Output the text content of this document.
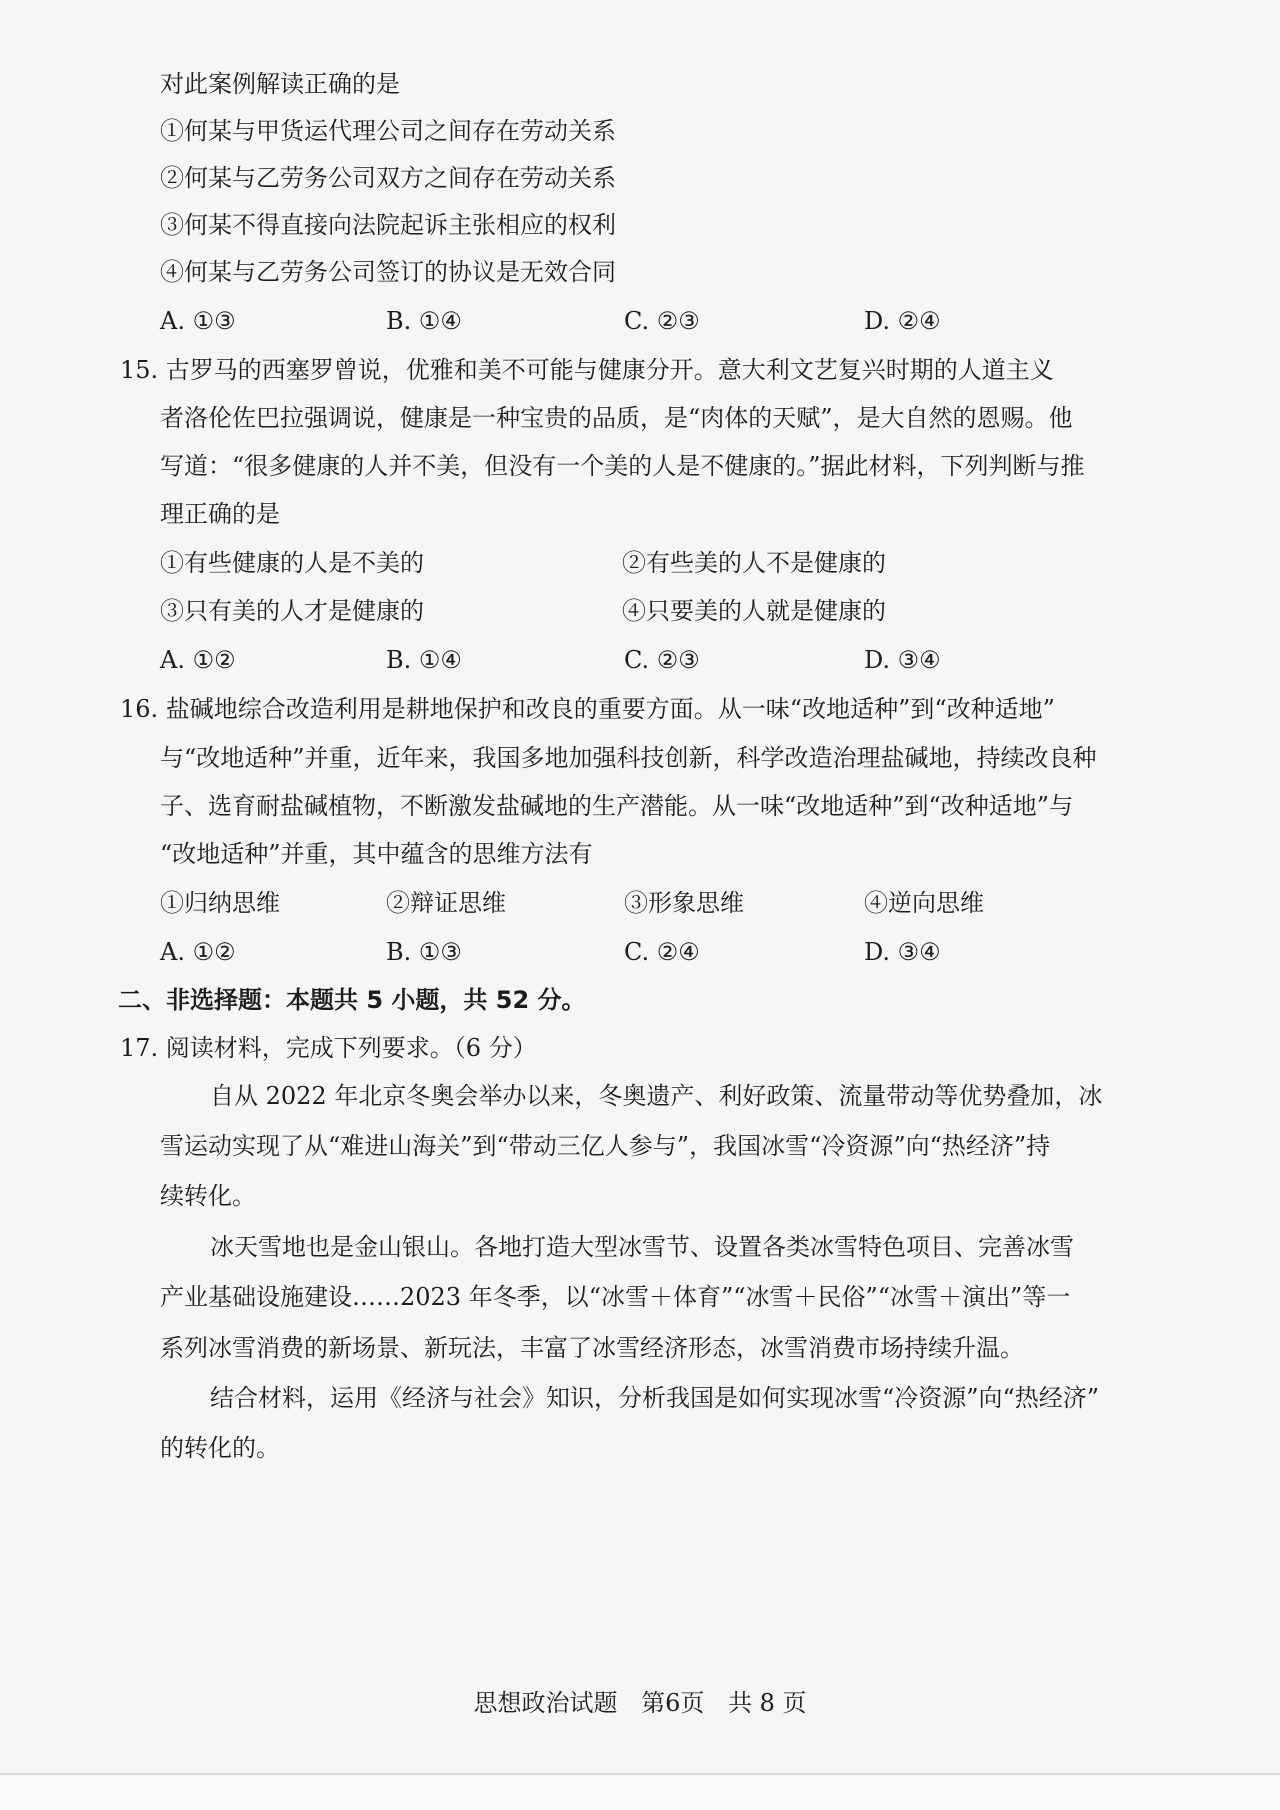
对此案例解读正确的是
①何某与甲货运代理公司之间存在劳动关系
②何某与乙劳务公司双方之间存在劳动关系
③何某不得直接向法院起诉主张相应的权利
④何某与乙劳务公司签订的协议是无效合同
A. ①③	B. ①④	C. ②③	D. ②④
15. 古罗马的西塞罗曾说，优雅和美不可能与健康分开。意大利文艺复兴时期的人道主义
者洛伦佐巴拉强调说，健康是一种宝贵的品质，是“肉体的天赋”，是大自然的恩赐。他
写道：“很多健康的人并不美，但没有一个美的人是不健康的。”据此材料，下列判断与推
理正确的是
①有些健康的人是不美的	②有些美的人不是健康的
③只有美的人才是健康的	④只要美的人就是健康的
A. ①②	B. ①④	C. ②③	D. ③④
16. 盐碱地综合改造利用是耕地保护和改良的重要方面。从一味“改地适种”到“改种适地”
与“改地适种”并重，近年来，我国多地加强科技创新，科学改造治理盐碱地，持续改良种
子、选育耐盐碱植物，不断激发盐碱地的生产潜能。从一味“改地适种”到“改种适地”与
“改地适种”并重，其中蕴含的思维方法有
①归纳思维	②辩证思维	③形象思维	④逆向思维
A. ①②	B. ①③	C. ②④	D. ③④
二、非选择题：本题共 5 小题，共 52 分。
17. 阅读材料，完成下列要求。（6 分）
自从 2022 年北京冬奥会举办以来，冬奥遗产、利好政策、流量带动等优势叠加，冰
雪运动实现了从“难进山海关”到“带动三亿人参与”，我国冰雪“冷资源”向“热经济”持
续转化。
冰天雪地也是金山银山。各地打造大型冰雪节、设置各类冰雪特色项目、完善冰雪
产业基础设施建设……2023 年冬季，以“冰雪＋体育”“冰雪＋民俗”“冰雪＋演出”等一
系列冰雪消费的新场景、新玩法，丰富了冰雪经济形态，冰雪消费市场持续升温。
结合材料，运用《经济与社会》知识，分析我国是如何实现冰雪“冷资源”向“热经济”
的转化的。
思想政治试题 第6页 共 8 页
